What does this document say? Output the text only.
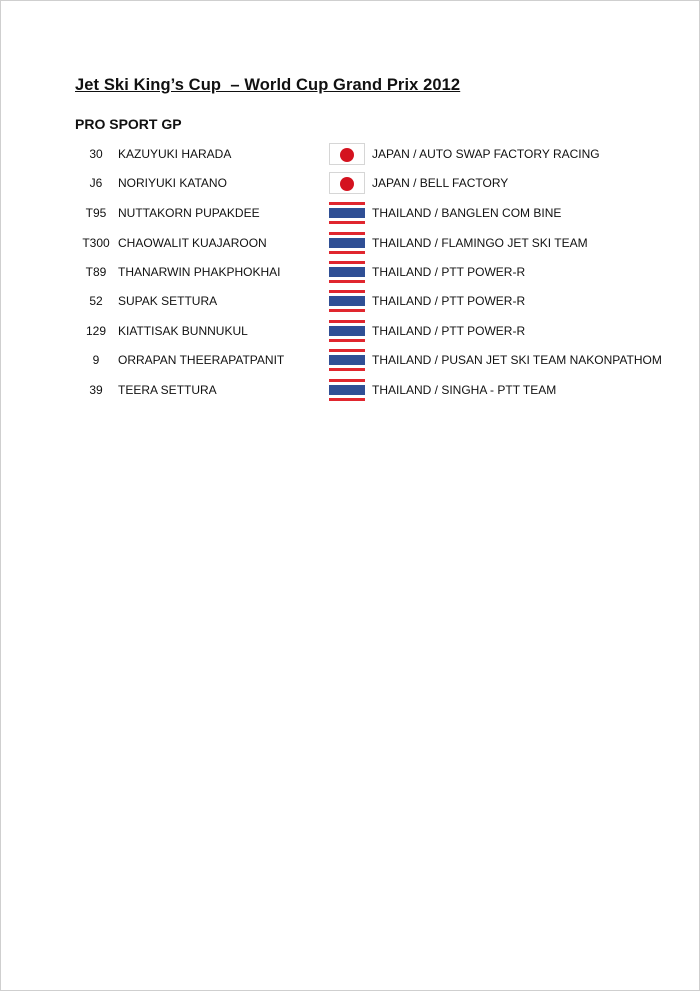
Jet Ski King’s Cup  – World Cup Grand Prix 2012
PRO SPORT GP
30	KAZUYUKI HARADA	JAPAN / AUTO SWAP FACTORY RACING
J6	NORIYUKI KATANO	JAPAN / BELL FACTORY
T95 NUTTAKORN PUPAKDEE	THAILAND / BANGLEN COM BINE
T300 CHAOWALIT KUAJAROON	THAILAND / FLAMINGO JET SKI TEAM
T89 THANARWIN PHAKPHOKHAI	THAILAND / PTT POWER-R
52	SUPAK SETTURA	THAILAND / PTT POWER-R
129 KIATTISAK BUNNUKUL	THAILAND / PTT POWER-R
9	ORRAPAN THEERAPATPANIT	THAILAND / PUSAN JET SKI TEAM NAKONPATHOM
39	TEERA SETTURA	THAILAND / SINGHA - PTT TEAM
